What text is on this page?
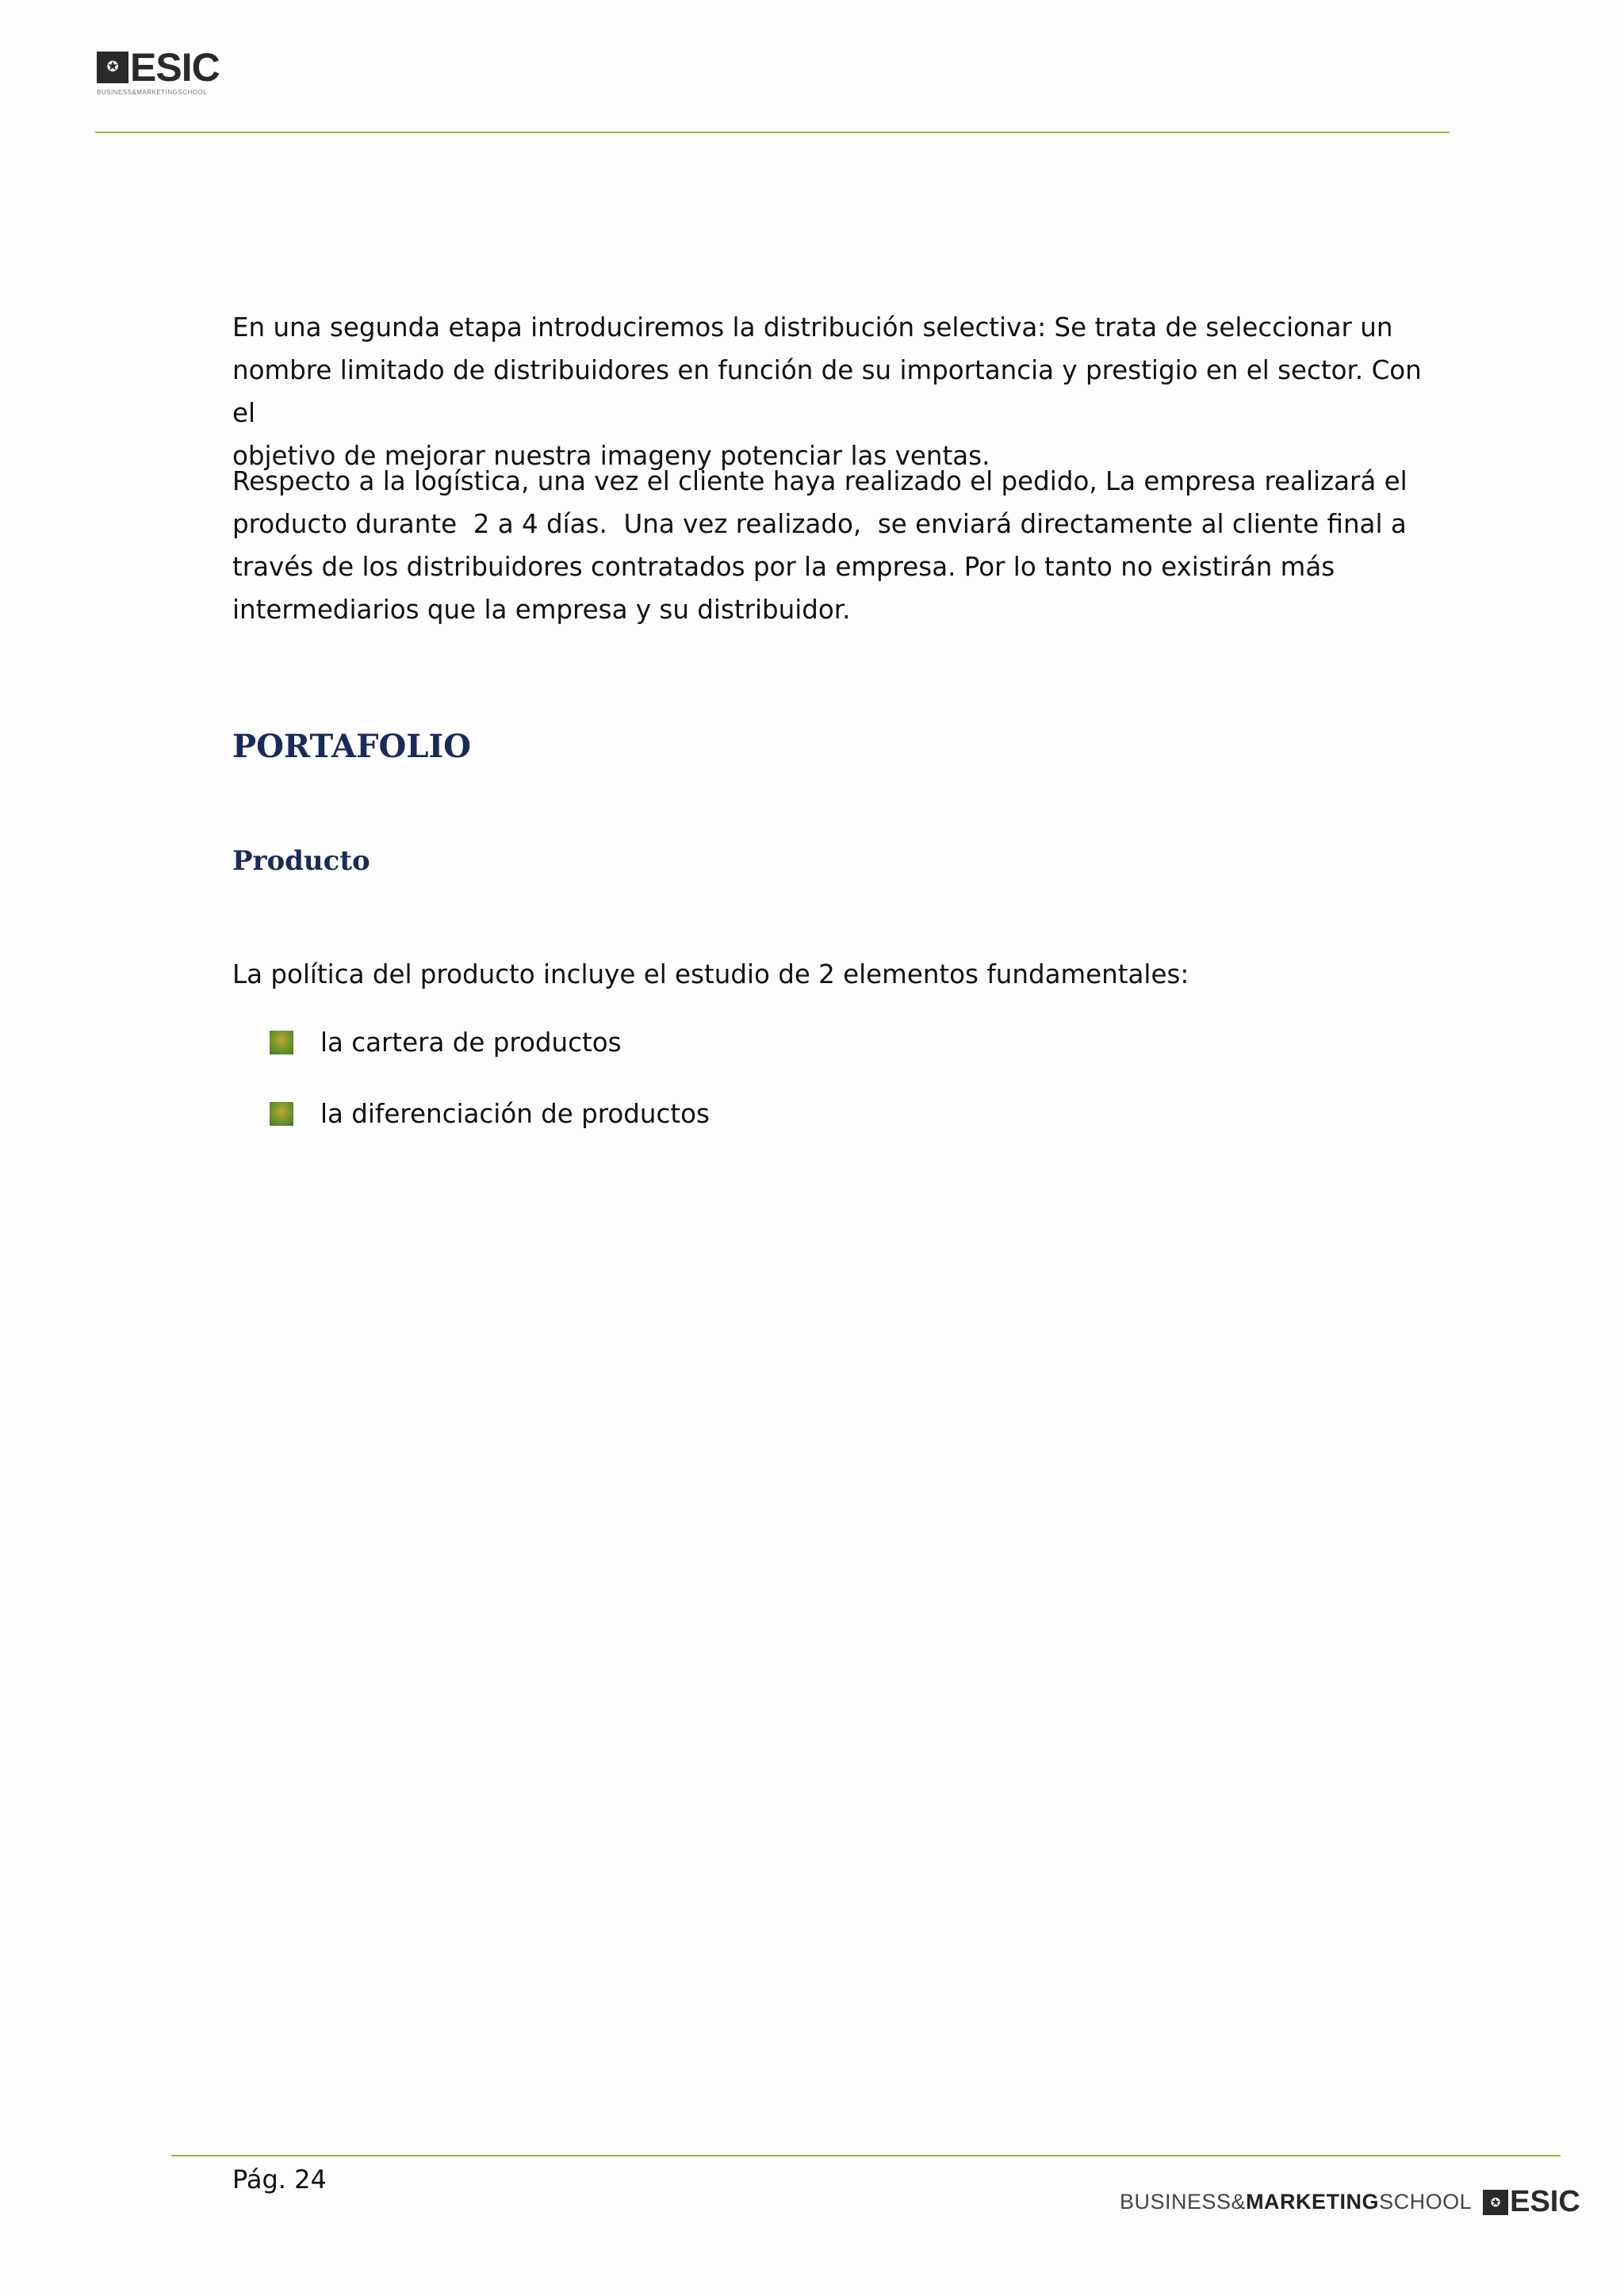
✪ ESIC
BUSINESS&MARKETINGSCHOOL

En una segunda etapa introduciremos la distribución selectiva: Se trata de seleccionar un
nombre limitado de distribuidores en función de su importancia y prestigio en el sector. Con el
objetivo de mejorar nuestra imageny potenciar las ventas.

Respecto a la logística, una vez el cliente haya realizado el pedido, La empresa realizará el
producto durante  2 a 4 días.  Una vez realizado,  se enviará directamente al cliente final a
través de los distribuidores contratados por la empresa. Por lo tanto no existirán más
intermediarios que la empresa y su distribuidor.

PORTAFOLIO
Producto

La política del producto incluye el estudio de 2 elementos fundamentales:

la cartera de productos
la diferenciación de productos
Pág. 24
BUSINESS&MARKETINGSCHOOL	✪ ESIC
